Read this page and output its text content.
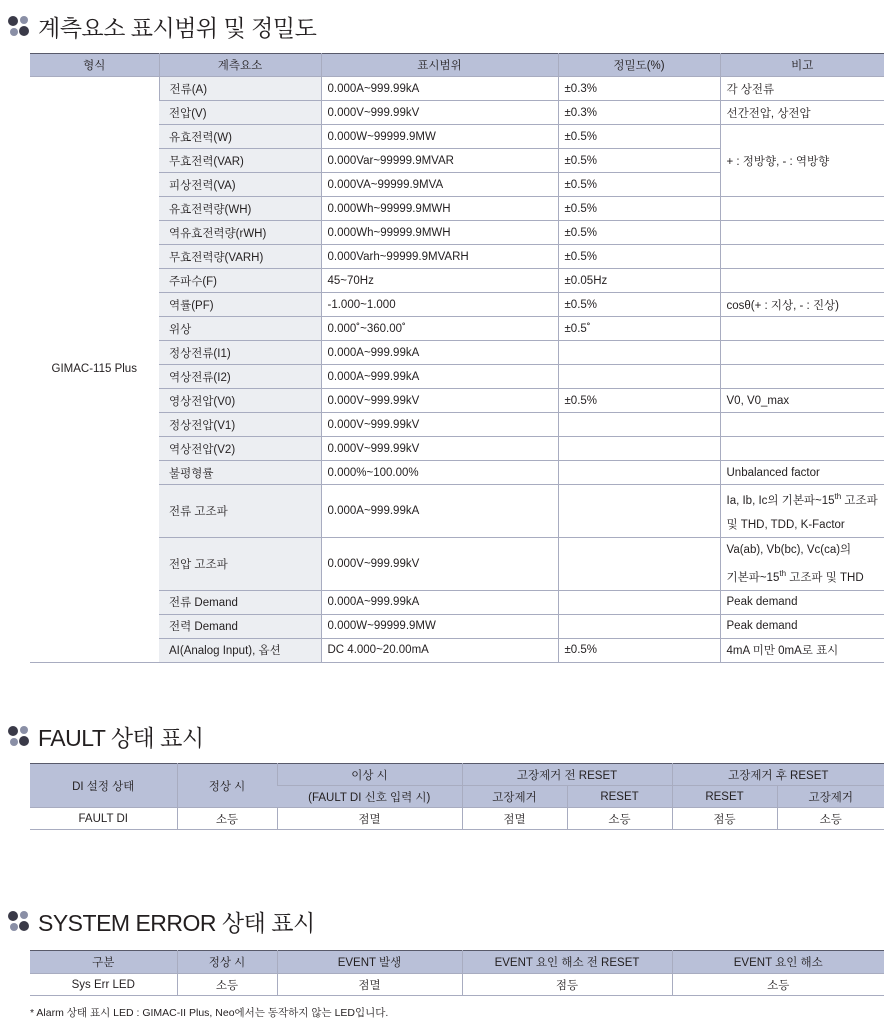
계측요소 표시범위 및 정밀도
형식	계측요소	표시범위	정밀도(%)	비고
GIMAC-115 Plus	전류(A)	0.000A~999.99kA	±0.3%	각 상전류
	전압(V)	0.000V~999.99kV	±0.3%	선간전압, 상전압
	유효전력(W)	0.000W~99999.9MW	±0.5%	+ : 정방향, - : 역방향
	무효전력(VAR)	0.000Var~99999.9MVAR	±0.5%	
	피상전력(VA)	0.000VA~99999.9MVA	±0.5%	
	유효전력량(WH)	0.000Wh~99999.9MWH	±0.5%	
	역유효전력량(rWH)	0.000Wh~99999.9MWH	±0.5%	
	무효전력량(VARH)	0.000Varh~99999.9MVARH	±0.5%	
	주파수(F)	45~70Hz	±0.05Hz	
	역률(PF)	-1.000~1.000	±0.5%	cosθ(+ : 지상, - : 진상)
	위상	0.000˚~360.00˚	±0.5˚	
	정상전류(I1)	0.000A~999.99kA		
	역상전류(I2)	0.000A~999.99kA		
	영상전압(V0)	0.000V~999.99kV	±0.5%	V0, V0_max
	정상전압(V1)	0.000V~999.99kV		
	역상전압(V2)	0.000V~999.99kV		
	불평형률	0.000%~100.00%		Unbalanced factor
	전류 고조파	0.000A~999.99kA		Ia, Ib, Ic의 기본파~15th 고조파
및 THD, TDD, K-Factor
	전압 고조파	0.000V~999.99kV		Va(ab), Vb(bc), Vc(ca)의
기본파~15th 고조파 및 THD
	전류 Demand	0.000A~999.99kA		Peak demand
	전력 Demand	0.000W~99999.9MW		Peak demand
	AI(Analog Input), 옵션	DC 4.000~20.00mA	±0.5%	4mA 미만 0mA로 표시
FAULT 상태 표시
DI 설정 상태	정상 시	이상 시	고장제거 전 RESET		고장제거 후 RESET	
		(FAULT DI 신호 입력 시)	고장제거	RESET	RESET	고장제거
FAULT DI	소등	점멸	점멸	소등	점등	소등
SYSTEM ERROR 상태 표시
구분	정상 시	EVENT 발생	EVENT 요인 해소 전 RESET	EVENT 요인 해소
Sys Err LED	소등	점멸	점등	소등
* Alarm 상태 표시 LED : GIMAC-II Plus, Neo에서는 동작하지 않는 LED입니다.
